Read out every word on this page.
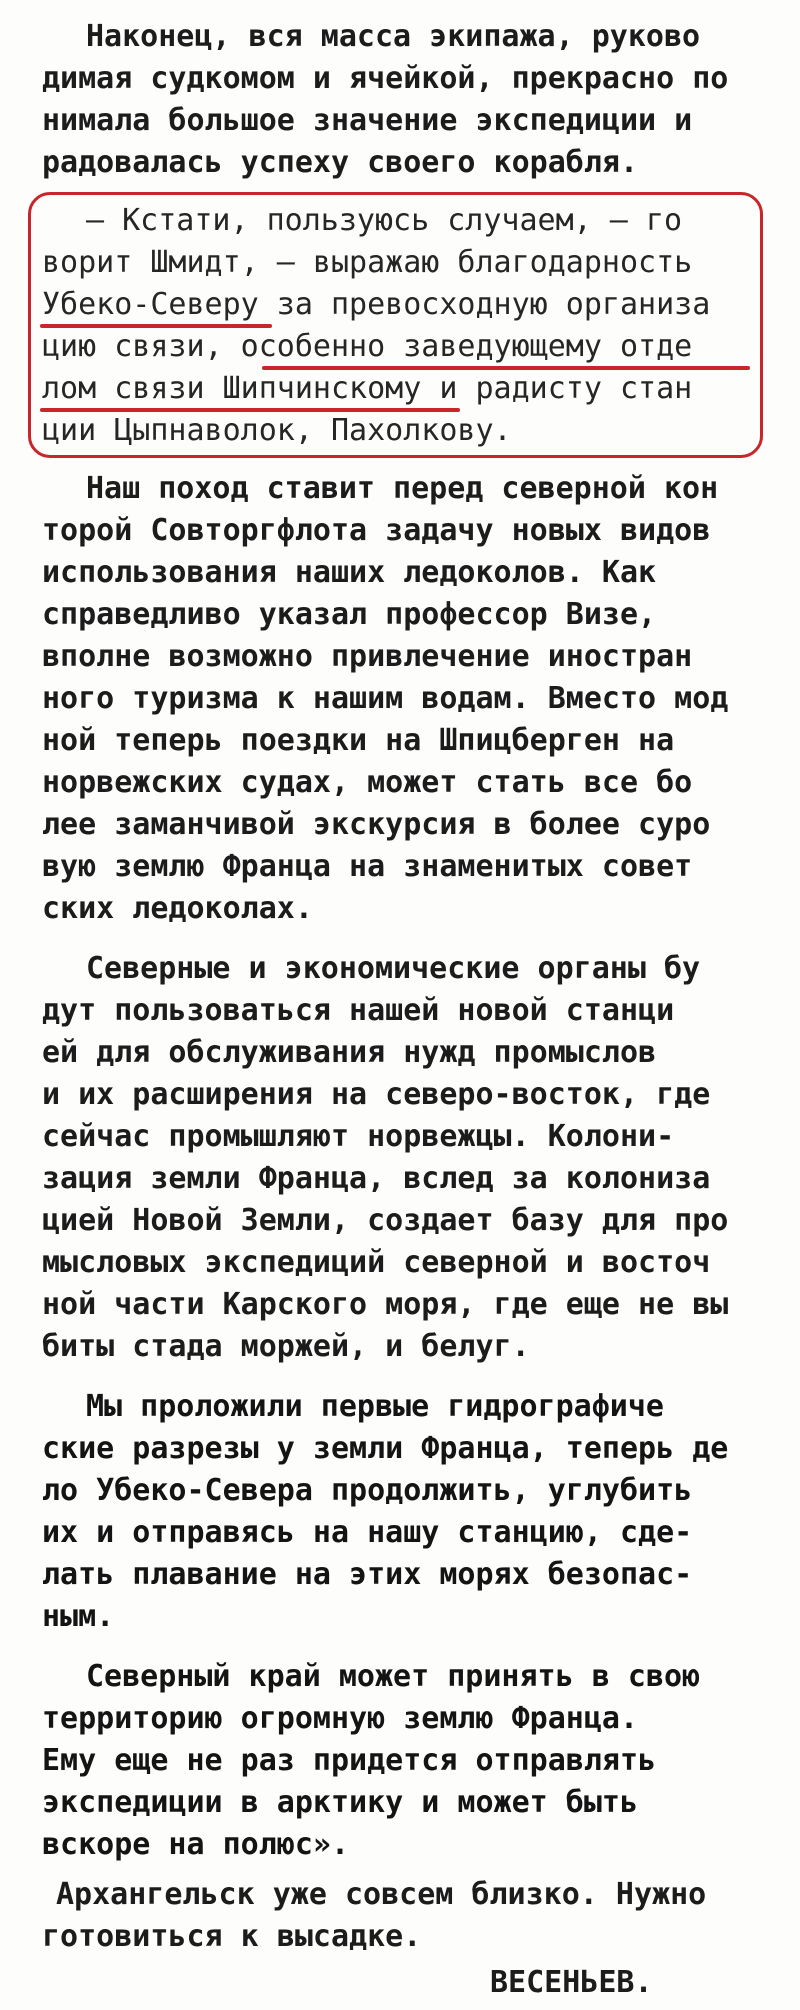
Наконец, вся масса экипажа, руково
димая судкомом и ячейкой, прекрасно по
нимала большое значение экспедиции и
радовалась успеху своего корабля.
— Кстати, пользуюсь случаем, — го
ворит Шмидт, — выражаю благодарность
Убеко-Северу за превосходную организа
цию связи, особенно заведующему отде
лом связи Шипчинскому и радисту стан
ции Цыпнаволок, Пахолкову.
Наш поход ставит перед северной кон
торой Совторгфлота задачу новых видов
использования наших ледоколов. Как
справедливо указал профессор Визе,
вполне возможно привлечение иностран
ного туризма к нашим водам. Вместо мод
ной теперь поездки на Шпицберген на
норвежских судах, может стать все бо
лее заманчивой экскурсия в более суро
вую землю Франца на знаменитых совет
ских ледоколах.
Северные и экономические органы бу
дут пользоваться нашей новой станци
ей для обслуживания нужд промыслов
и их расширения на северо-восток, где
сейчас промышляют норвежцы. Колони-
зация земли Франца, вслед за колониза
цией Новой Земли, создает базу для про
мысловых экспедиций северной и восточ
ной части Карского моря, где еще не вы
биты стада моржей, и белуг.
Мы проложили первые гидрографиче
ские разрезы у земли Франца, теперь де
ло Убеко-Севера продолжить, углубить
их и отправясь на нашу станцию, сде-
лать плавание на этих морях безопас-
ным.
Северный край может принять в свою
территорию огромную землю Франца.
Ему еще не раз придется отправлять
экспедиции в арктику и может быть
вскоре на полюс».
Архангельск уже совсем близко. Нужно
готовиться к высадке.
ВЕСЕНЬЕВ.
